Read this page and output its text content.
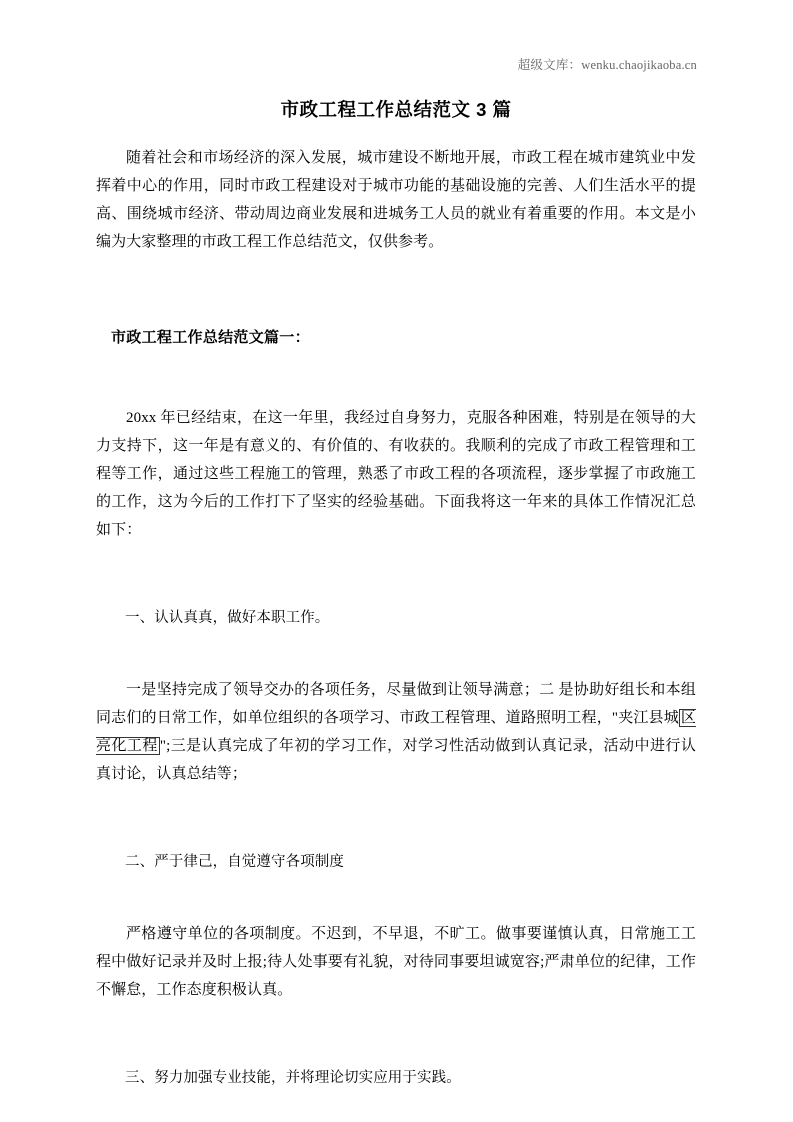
超级文库：wenku.chaojikaoba.cn
市政工程工作总结范文 3 篇

随着社会和市场经济的深入发展，城市建设不断地开展，市政工程在城市建筑业中发挥着中心的作用，同时市政工程建设对于城市功能的基础设施的完善、人们生活水平的提高、围绕城市经济、带动周边商业发展和进城务工人员的就业有着重要的作用。本文是小编为大家整理的市政工程工作总结范文，仅供参考。

市政工程工作总结范文篇一：

20xx 年已经结束，在这一年里，我经过自身努力，克服各种困难，特别是在领导的大力支持下，这一年是有意义的、有价值的、有收获的。我顺利的完成了市政工程管理和工程等工作，通过这些工程施工的管理，熟悉了市政工程的各项流程，逐步掌握了市政施工的工作，这为今后的工作打下了坚实的经验基础。下面我将这一年来的具体工作情况汇总如下：

一、认认真真，做好本职工作。

一是坚持完成了领导交办的各项任务，尽量做到让领导满意；二 是协助好组长和本组同志们的日常工作，如单位组织的各项学习、市政工程管理、道路照明工程，"夹江县城 区亮化工程 ";三是认真完成了年初的学习工作，对学习性活动做到认真记录，活动中进行认真讨论，认真总结等；

二、严于律己，自觉遵守各项制度

严格遵守单位的各项制度。不迟到，不早退，不旷工。做事要谨慎认真，日常施工工程中做好记录并及时上报;待人处事要有礼貌，对待同事要坦诚宽容;严肃单位的纪律，工作不懈怠，工作态度积极认真。

三、努力加强专业技能，并将理论切实应用于实践。
